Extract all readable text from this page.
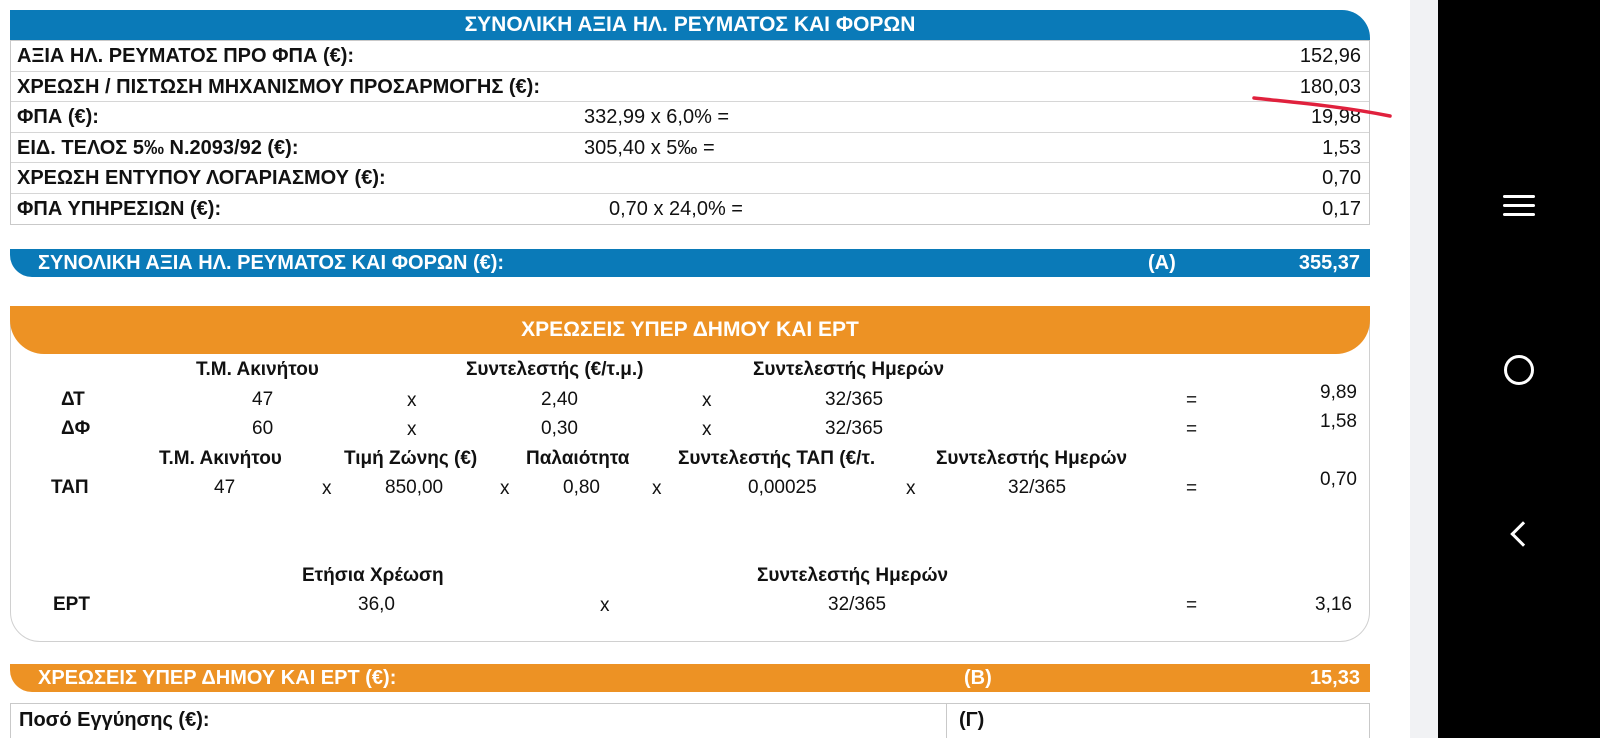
ΣΥΝΟΛΙΚΗ ΑΞΙΑ ΗΛ. ΡΕΥΜΑΤΟΣ ΚΑΙ ΦΟΡΩΝ
ΑΞΙΑ ΗΛ. ΡΕΥΜΑΤΟΣ ΠΡΟ ΦΠΑ (€):	152,96
ΧΡΕΩΣΗ / ΠΙΣΤΩΣΗ ΜΗΧΑΝΙΣΜΟΥ ΠΡΟΣΑΡΜΟΓΗΣ (€):	180,03
ΦΠΑ (€):	332,99 x 6,0% =	19,98
ΕΙΔ. ΤΕΛΟΣ 5‰ Ν.2093/92 (€):	305,40 x 5‰ =	1,53
ΧΡΕΩΣΗ ΕΝΤΥΠΟΥ ΛΟΓΑΡΙΑΣΜΟΥ (€):	0,70
ΦΠΑ ΥΠΗΡΕΣΙΩΝ (€):	0,70 x 24,0% =	0,17
ΣΥΝΟΛΙΚΗ ΑΞΙΑ ΗΛ. ΡΕΥΜΑΤΟΣ ΚΑΙ ΦΟΡΩΝ (€):	(Α)	355,37
ΧΡΕΩΣΕΙΣ ΥΠΕΡ ΔΗΜΟΥ ΚΑΙ ΕΡΤ
Τ.Μ. Ακινήτου	Συντελεστής (€/τ.μ.)	Συντελεστής Ημερών
ΔΤ	47	x	2,40	x	32/365	=	9,89
ΔΦ	60	x	0,30	x	32/365	=	1,58
Τ.Μ. Ακινήτου	Τιμή Ζώνης (€)	Παλαιότητα	Συντελεστής ΤΑΠ (€/τ.	Συντελεστής Ημερών
ΤΑΠ	47	x	850,00	x	0,80	x	0,00025	x	32/365	=	0,70
Ετήσια Χρέωση	Συντελεστής Ημερών
ΕΡΤ	36,0	x	32/365	=	3,16
ΧΡΕΩΣΕΙΣ ΥΠΕΡ ΔΗΜΟΥ ΚΑΙ ΕΡΤ (€):	(Β)	15,33
Ποσό Εγγύησης (€):	(Γ)
